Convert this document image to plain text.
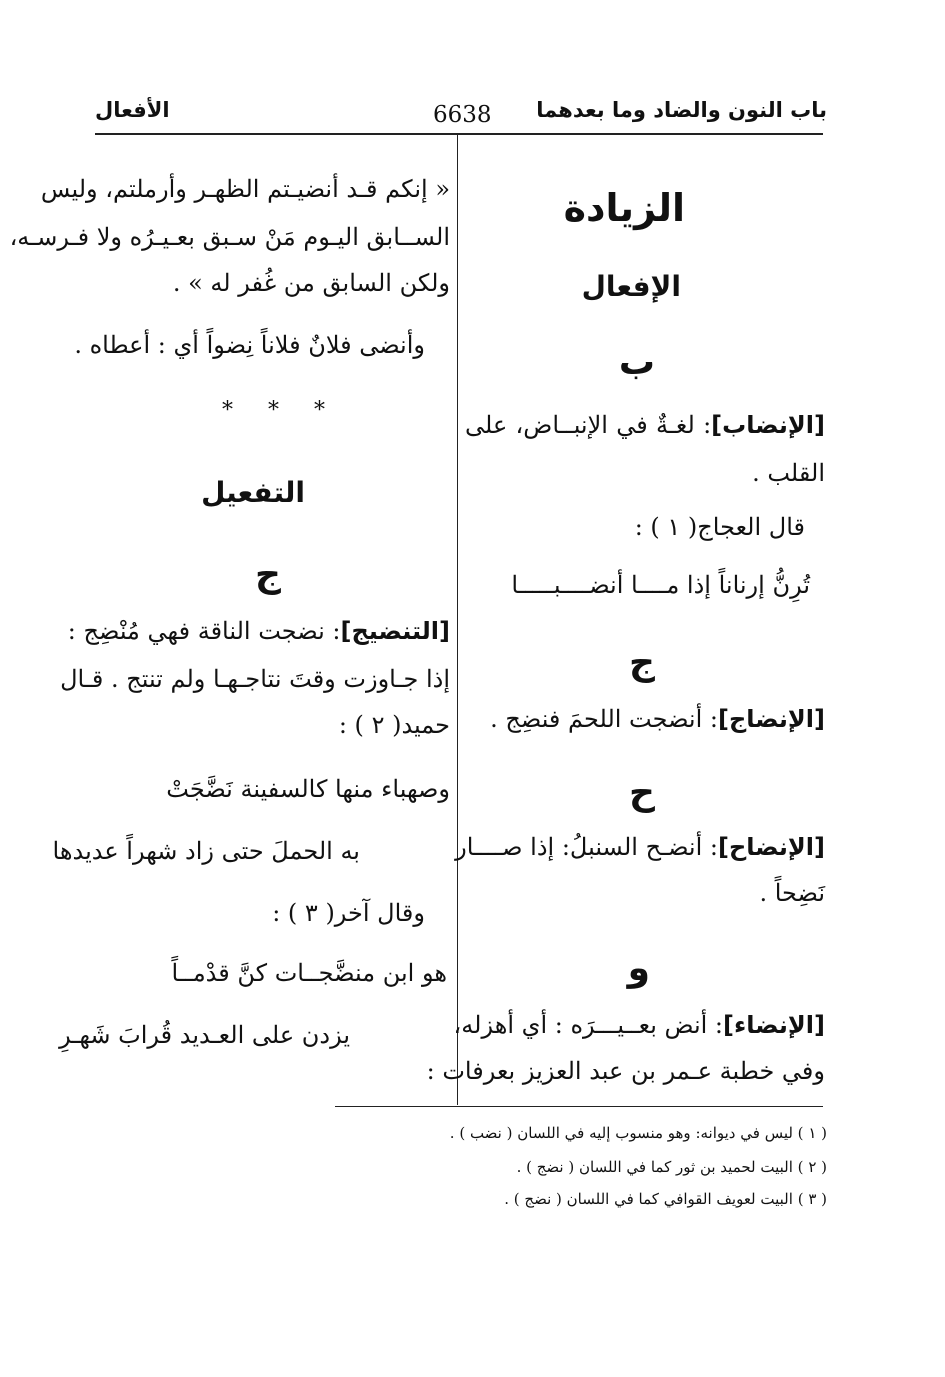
باب النون والضاد وما بعدهما
6638
الأفعال
الزيادة
الإفعال
ب
[الإنضاب]: لغـةٌ في الإنبــاض، على
القلب .
قال العجاج( ١ ) :
تُرِنُّ إرناناً إذا مــــا أنضــــبـــــا
ج
[الإنضاج]: أنضجت اللحمَ فنضِج .
ح
[الإنضاح]: أنضـح السنبلُ: إذا صــــار
نَضِحاً .
و
[الإنضاء]: أنض بعــيـــرَه : أي أهزله،
وفي خطبة عـمر بن عبد العزيز بعرفات :
« إنكم قـد أنضيـتم الظهـر وأرملتم، وليس
الســابق اليـوم مَنْ سـبق بعـيـرُه ولا فـرسـه،
ولكن السابق من غُفر له » .
وأنضى فلانٌ فلاناً نِضواً أي : أعطاه .
* * *
التفعيل
ج
[التنضيج]: نضجت الناقة فهي مُنْضِج :
إذا جـاوزت وقتَ نتاجـهـا ولم تنتج . قـال
حميد( ٢ ) :
وصهباء منها كالسفينة نَضَّجَتْ
به الحملَ حتى زاد شهراً عديدها
وقال آخر( ٣ ) :
هو ابن منضَّجــات كنَّ قدْمــاً
يزدن على العـديد قُرابَ شَهـرِ
( ١ ) ليس في ديوانه: وهو منسوب إليه في اللسان ( نضب ) .
( ٢ ) البيت لحميد بن ثور كما في اللسان ( نضج ) .
( ٣ ) البيت لعويف القوافي كما في اللسان ( نضج ) .
